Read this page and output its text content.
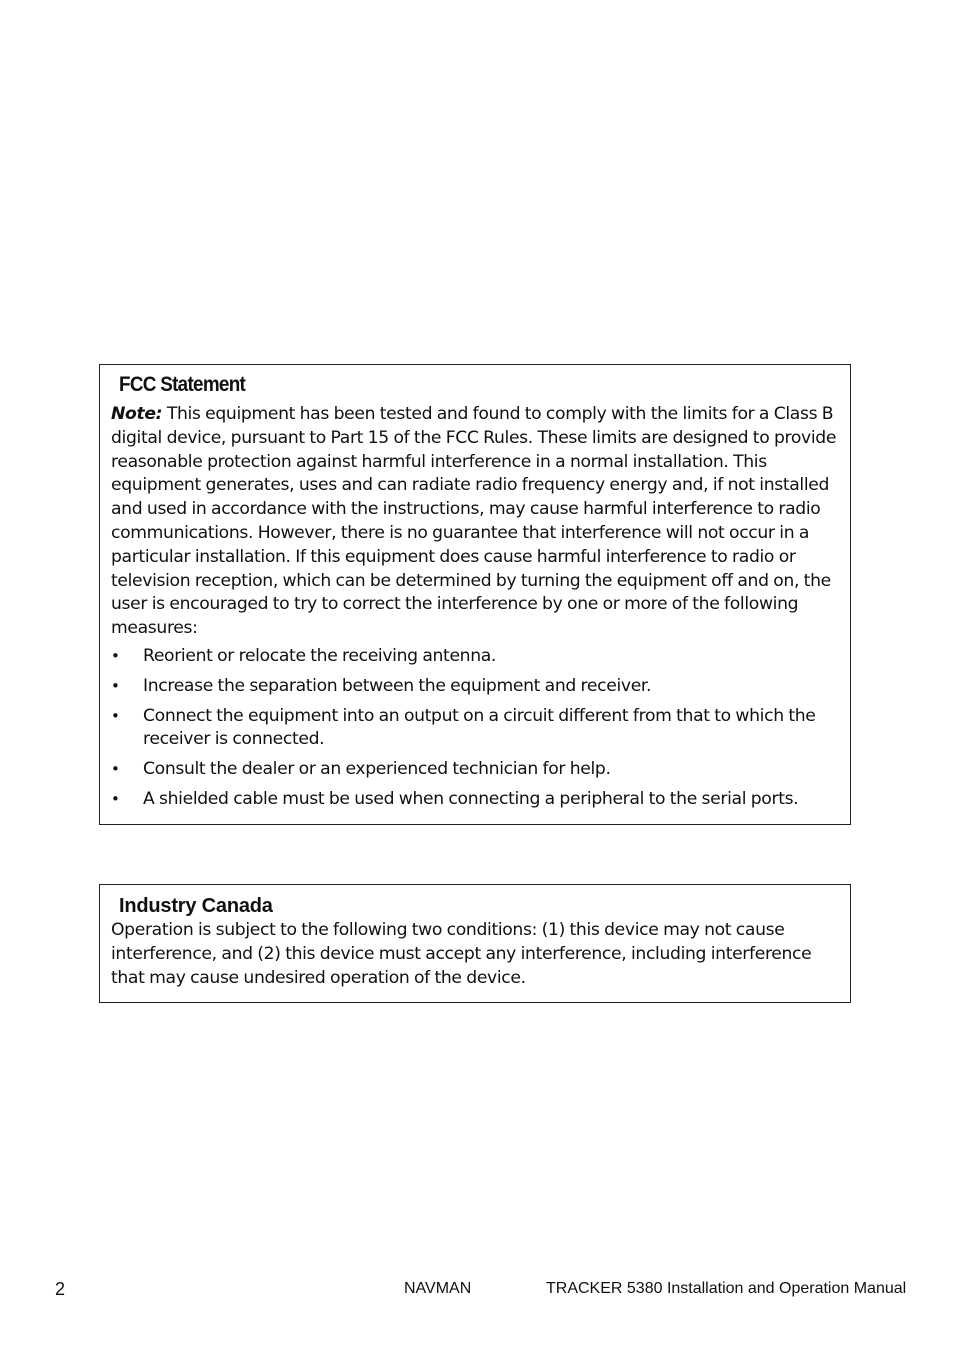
FCC Statement
Note: This equipment has been tested and found to comply with the limits for a Class B digital device, pursuant to Part 15 of the FCC Rules. These limits are designed to provide reasonable protection against harmful interference in a normal installation. This equipment generates, uses and can radiate radio frequency energy and, if not installed and used in accordance with the instructions, may cause harmful interference to radio communications. However, there is no guarantee that interference will not occur in a particular installation. If this equipment does cause harmful interference to radio or television reception, which can be determined by turning the equipment off and on, the user is encouraged to try to correct the interference by one or more of the following measures:
• Reorient or relocate the receiving antenna.
• Increase the separation between the equipment and receiver.
• Connect the equipment into an output on a circuit different from that to which the receiver is connected.
• Consult the dealer or an experienced technician for help.
• A shielded cable must be used when connecting a peripheral to the serial ports.
Industry Canada
Operation is subject to the following two conditions: (1) this device may not cause interference, and (2) this device must accept any interference, including interference that may cause undesired operation of the device.
2	NAVMAN	TRACKER 5380 Installation and Operation Manual
